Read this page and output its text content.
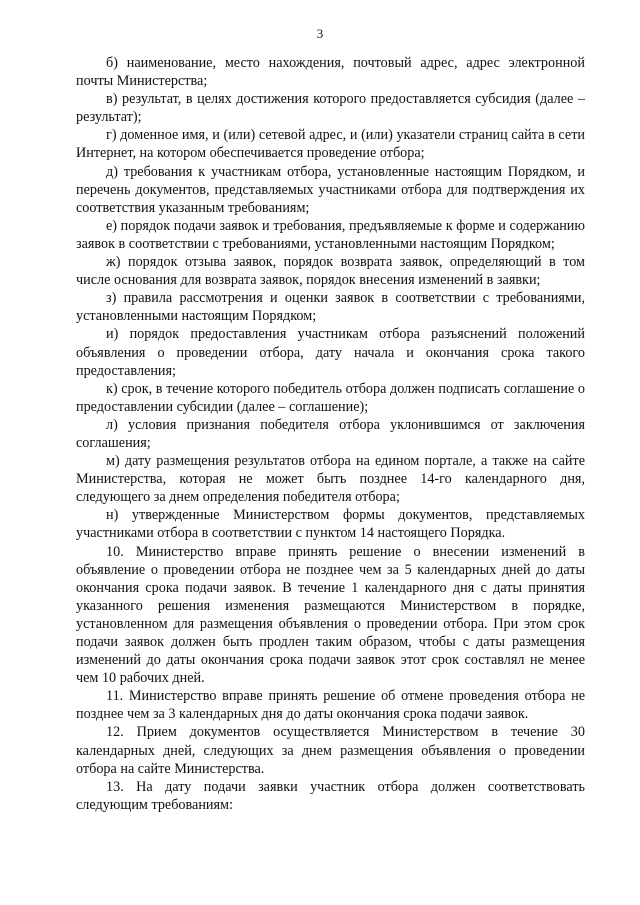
3

б) наименование, место нахождения, почтовый адрес, адрес электронной почты Министерства;

в) результат, в целях достижения которого предоставляется субсидия (далее – результат);

г) доменное имя, и (или) сетевой адрес, и (или) указатели страниц сайта в сети Интернет, на котором обеспечивается проведение отбора;

д) требования к участникам отбора, установленные настоящим Порядком, и перечень документов, представляемых участниками отбора для подтверждения их соответствия указанным требованиям;

е) порядок подачи заявок и требования, предъявляемые к форме и содержанию заявок в соответствии с требованиями, установленными настоящим Порядком;

ж) порядок отзыва заявок, порядок возврата заявок, определяющий в том числе основания для возврата заявок, порядок внесения изменений в заявки;

з) правила рассмотрения и оценки заявок в соответствии с требованиями, установленными настоящим Порядком;

и) порядок предоставления участникам отбора разъяснений положений объявления о проведении отбора, дату начала и окончания срока такого предоставления;

к) срок, в течение которого победитель отбора должен подписать соглашение о предоставлении субсидии (далее – соглашение);

л) условия признания победителя отбора уклонившимся от заключения соглашения;

м) дату размещения результатов отбора на едином портале, а также на сайте Министерства, которая не может быть позднее 14-го календарного дня, следующего за днем определения победителя отбора;

н) утвержденные Министерством формы документов, представляемых участниками отбора в соответствии с пунктом 14 настоящего Порядка.

10. Министерство вправе принять решение о внесении изменений в объявление о проведении отбора не позднее чем за 5 календарных дней до даты окончания срока подачи заявок. В течение 1 календарного дня с даты принятия указанного решения изменения размещаются Министерством в порядке, установленном для размещения объявления о проведении отбора. При этом срок подачи заявок должен быть продлен таким образом, чтобы с даты размещения изменений до даты окончания срока подачи заявок этот срок составлял не менее чем 10 рабочих дней.

11. Министерство вправе принять решение об отмене проведения отбора не позднее чем за 3 календарных дня до даты окончания срока подачи заявок.

12. Прием документов осуществляется Министерством в течение 30 календарных дней, следующих за днем размещения объявления о проведении отбора на сайте Министерства.

13. На дату подачи заявки участник отбора должен соответствовать следующим требованиям:
